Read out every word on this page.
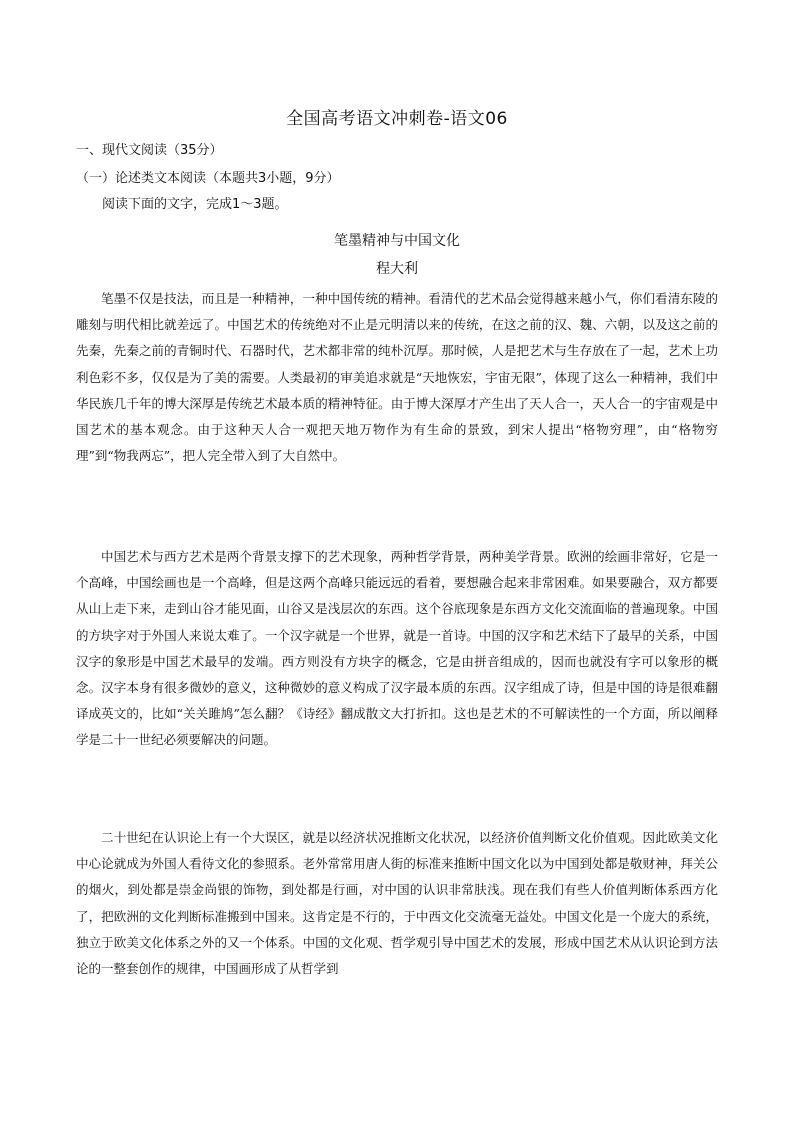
全国高考语文冲刺卷-语文06
一、现代文阅读（35分）
（一）论述类文本阅读（本题共3小题，9分）
阅读下面的文字，完成1～3题。
笔墨精神与中国文化
程大利
笔墨不仅是技法，而且是一种精神，一种中国传统的精神。看清代的艺术品会觉得越来越小气，你们看清东陵的雕刻与明代相比就差远了。中国艺术的传统绝对不止是元明清以来的传统，在这之前的汉、魏、六朝，以及这之前的先秦，先秦之前的青铜时代、石器时代，艺术都非常的纯朴沉厚。那时候，人是把艺术与生存放在了一起，艺术上功利色彩不多，仅仅是为了美的需要。人类最初的审美追求就是“天地恢宏，宇宙无限”，体现了这么一种精神，我们中华民族几千年的博大深厚是传统艺术最本质的精神特征。由于博大深厚才产生出了天人合一，天人合一的宇宙观是中国艺术的基本观念。由于这种天人合一观把天地万物作为有生命的景致，到宋人提出“格物穷理”，由“格物穷理”到“物我两忘”，把人完全带入到了大自然中。
中国艺术与西方艺术是两个背景支撑下的艺术现象，两种哲学背景，两种美学背景。欧洲的绘画非常好，它是一个高峰，中国绘画也是一个高峰，但是这两个高峰只能远远的看着，要想融合起来非常困难。如果要融合，双方都要从山上走下来，走到山谷才能见面，山谷又是浅层次的东西。这个谷底现象是东西方文化交流面临的普遍现象。中国的方块字对于外国人来说太难了。一个汉字就是一个世界，就是一首诗。中国的汉字和艺术结下了最早的关系，中国汉字的象形是中国艺术最早的发端。西方则没有方块字的概念，它是由拼音组成的，因而也就没有字可以象形的概念。汉字本身有很多微妙的意义，这种微妙的意义构成了汉字最本质的东西。汉字组成了诗，但是中国的诗是很难翻译成英文的，比如“关关雎鸠”怎么翻？《诗经》翻成散文大打折扣。这也是艺术的不可解读性的一个方面，所以阐释学是二十一世纪必须要解决的问题。
二十世纪在认识论上有一个大误区，就是以经济状况推断文化状况，以经济价值判断文化价值观。因此欧美文化中心论就成为外国人看待文化的参照系。老外常常用唐人街的标准来推断中国文化以为中国到处都是敬财神，拜关公的烟火，到处都是崇金尚银的饰物，到处都是行画，对中国的认识非常肤浅。现在我们有些人价值判断体系西方化了，把欧洲的文化判断标准搬到中国来。这肯定是不行的，于中西文化交流毫无益处。中国文化是一个庞大的系统，独立于欧美文化体系之外的又一个体系。中国的文化观、哲学观引导中国艺术的发展，形成中国艺术从认识论到方法论的一整套创作的规律，中国画形成了从哲学到
